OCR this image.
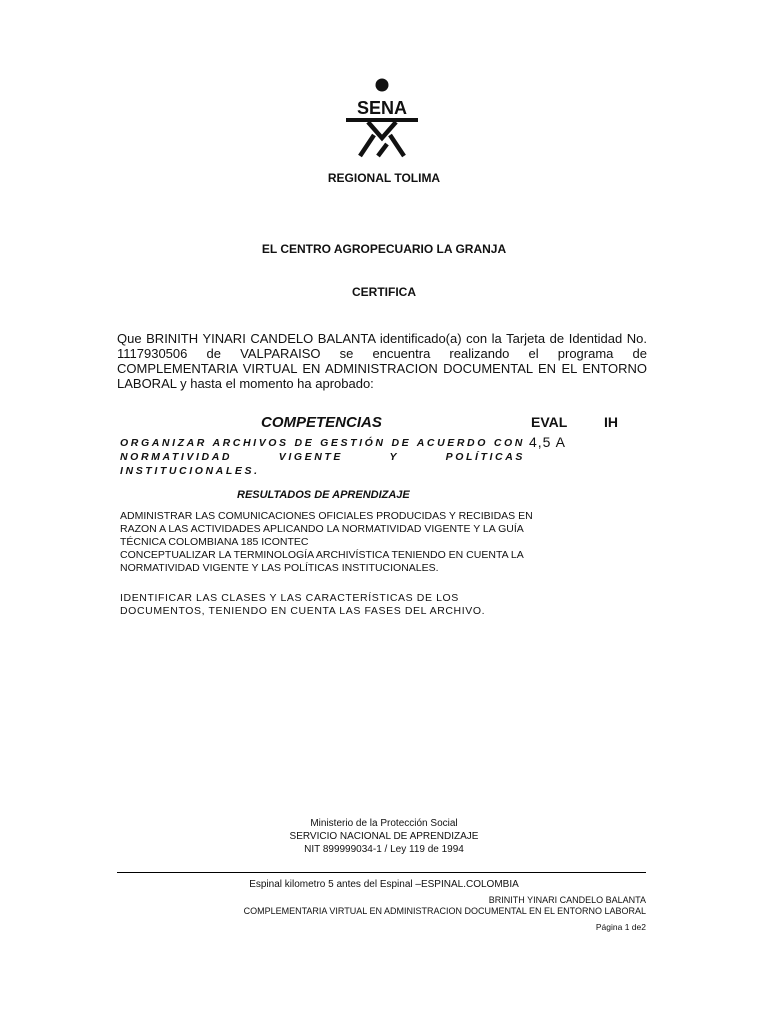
SENA
REGIONAL TOLIMA
EL CENTRO AGROPECUARIO LA GRANJA
CERTIFICA
Que BRINITH YINARI CANDELO BALANTA identificado(a) con la Tarjeta de Identidad No. 1117930506 de VALPARAISO se encuentra realizando el programa de COMPLEMENTARIA VIRTUAL EN ADMINISTRACION DOCUMENTAL EN EL ENTORNO LABORAL y hasta el momento ha aprobado:
COMPETENCIAS	EVAL	IH
ORGANIZAR ARCHIVOS DE GESTIÓN DE ACUERDO CON NORMATIVIDAD VIGENTE Y POLÍTICAS INSTITUCIONALES.
4,5 A
RESULTADOS DE APRENDIZAJE
ADMINISTRAR LAS COMUNICACIONES OFICIALES PRODUCIDAS Y RECIBIDAS EN RAZON A LAS ACTIVIDADES APLICANDO LA NORMATIVIDAD VIGENTE Y LA GUÍA TÉCNICA COLOMBIANA 185 ICONTEC
CONCEPTUALIZAR LA TERMINOLOGÍA ARCHIVÍSTICA TENIENDO EN CUENTA LA NORMATIVIDAD VIGENTE Y LAS POLÍTICAS INSTITUCIONALES.
IDENTIFICAR LAS CLASES Y LAS CARACTERÍSTICAS DE LOS DOCUMENTOS, TENIENDO EN CUENTA LAS FASES DEL ARCHIVO.
Ministerio de la Protección Social
SERVICIO NACIONAL DE APRENDIZAJE
NIT 899999034-1 / Ley 119 de 1994
Espinal kilometro 5 antes del Espinal –ESPINAL.COLOMBIA
BRINITH YINARI CANDELO BALANTA
COMPLEMENTARIA VIRTUAL EN ADMINISTRACION DOCUMENTAL EN EL ENTORNO LABORAL
Página 1 de2
